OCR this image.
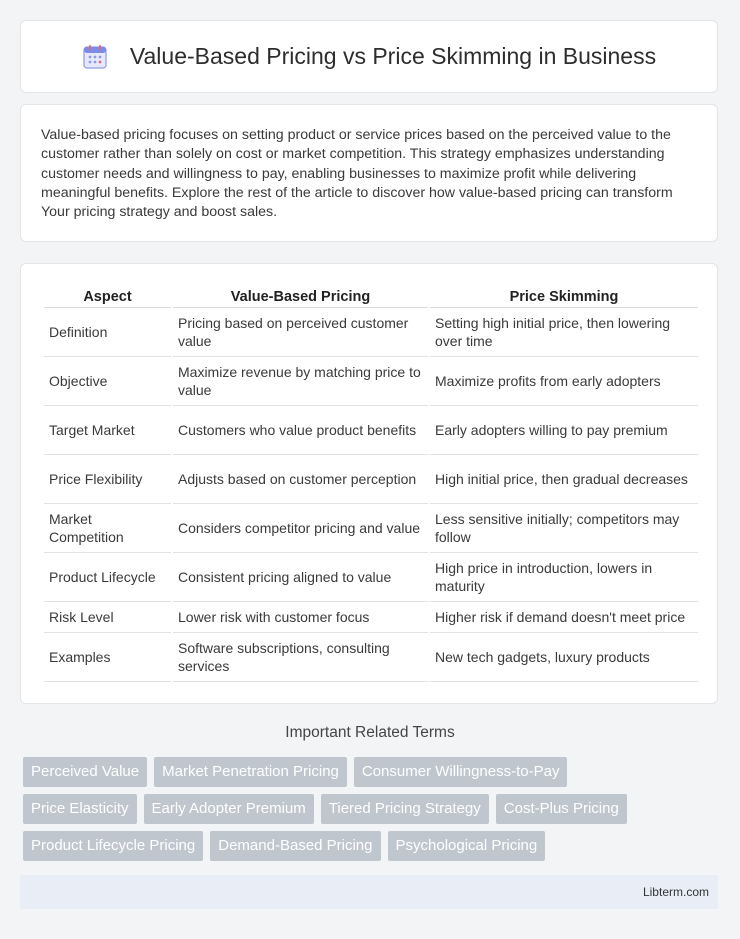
Value-Based Pricing vs Price Skimming in Business
Value-based pricing focuses on setting product or service prices based on the perceived value to the customer rather than solely on cost or market competition. This strategy emphasizes understanding customer needs and willingness to pay, enabling businesses to maximize profit while delivering meaningful benefits. Explore the rest of the article to discover how value-based pricing can transform Your pricing strategy and boost sales.
Aspect	Value-Based Pricing	Price Skimming
Definition	Pricing based on perceived customer value	Setting high initial price, then lowering over time
Objective	Maximize revenue by matching price to value	Maximize profits from early adopters
Target Market	Customers who value product benefits	Early adopters willing to pay premium
Price Flexibility	Adjusts based on customer perception	High initial price, then gradual decreases
Market Competition	Considers competitor pricing and value	Less sensitive initially; competitors may follow
Product Lifecycle	Consistent pricing aligned to value	High price in introduction, lowers in maturity
Risk Level	Lower risk with customer focus	Higher risk if demand doesn't meet price
Examples	Software subscriptions, consulting services	New tech gadgets, luxury products
Important Related Terms
Perceived Value	Market Penetration Pricing	Consumer Willingness-to-Pay
Price Elasticity	Early Adopter Premium	Tiered Pricing Strategy	Cost-Plus Pricing
Product Lifecycle Pricing	Demand-Based Pricing	Psychological Pricing
Libterm.com
